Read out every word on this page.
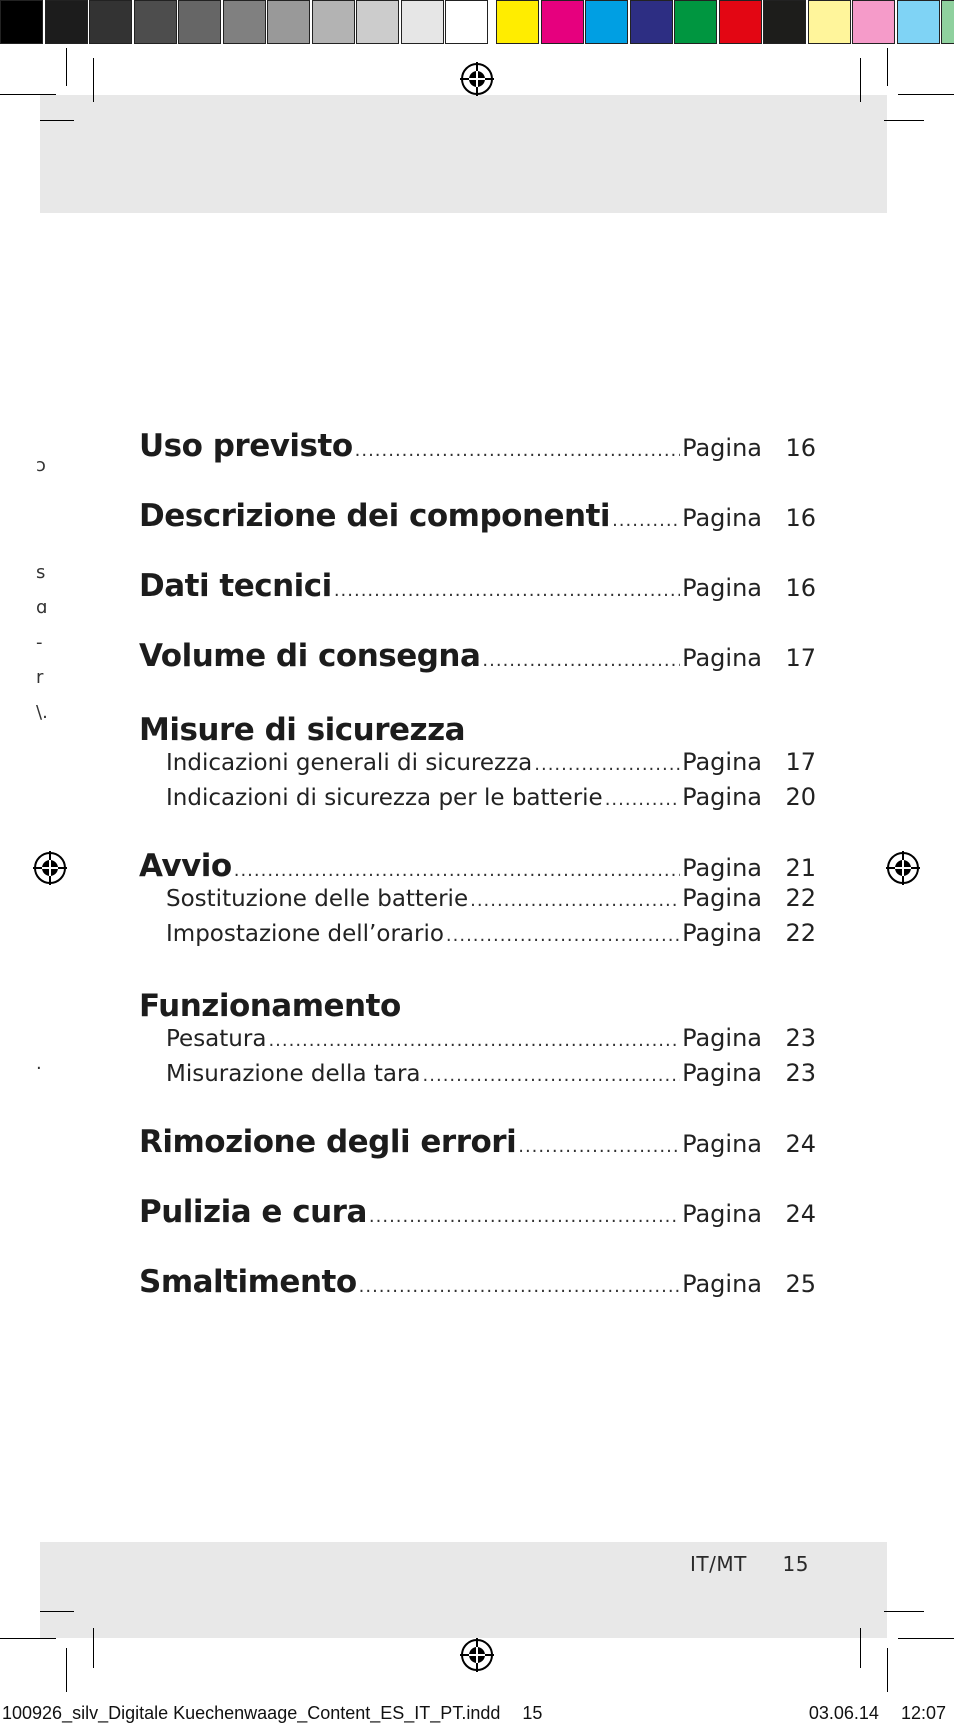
ɔ
s
ɑ
-
r
\.
·
Uso previsto .....	Pagina 16
Descrizione dei componenti .....	Pagina 16
Dati tecnici .....	Pagina 16
Volume di consegna .....	Pagina 17
Misure di sicurezza
Indicazioni generali di sicurezza .....	Pagina 17
Indicazioni di sicurezza per le batterie .....	Pagina 20
Avvio .....	Pagina 21
Sostituzione delle batterie .....	Pagina 22
Impostazione dell’orario .....	Pagina 22
Funzionamento
Pesatura .....	Pagina 23
Misurazione della tara .....	Pagina 23
Rimozione degli errori .....	Pagina 24
Pulizia e cura .....	Pagina 24
Smaltimento .....	Pagina 25
IT/MT 15
100926_silv_Digitale Kuechenwaage_Content_ES_IT_PT.indd 15	03.06.14 12:07
